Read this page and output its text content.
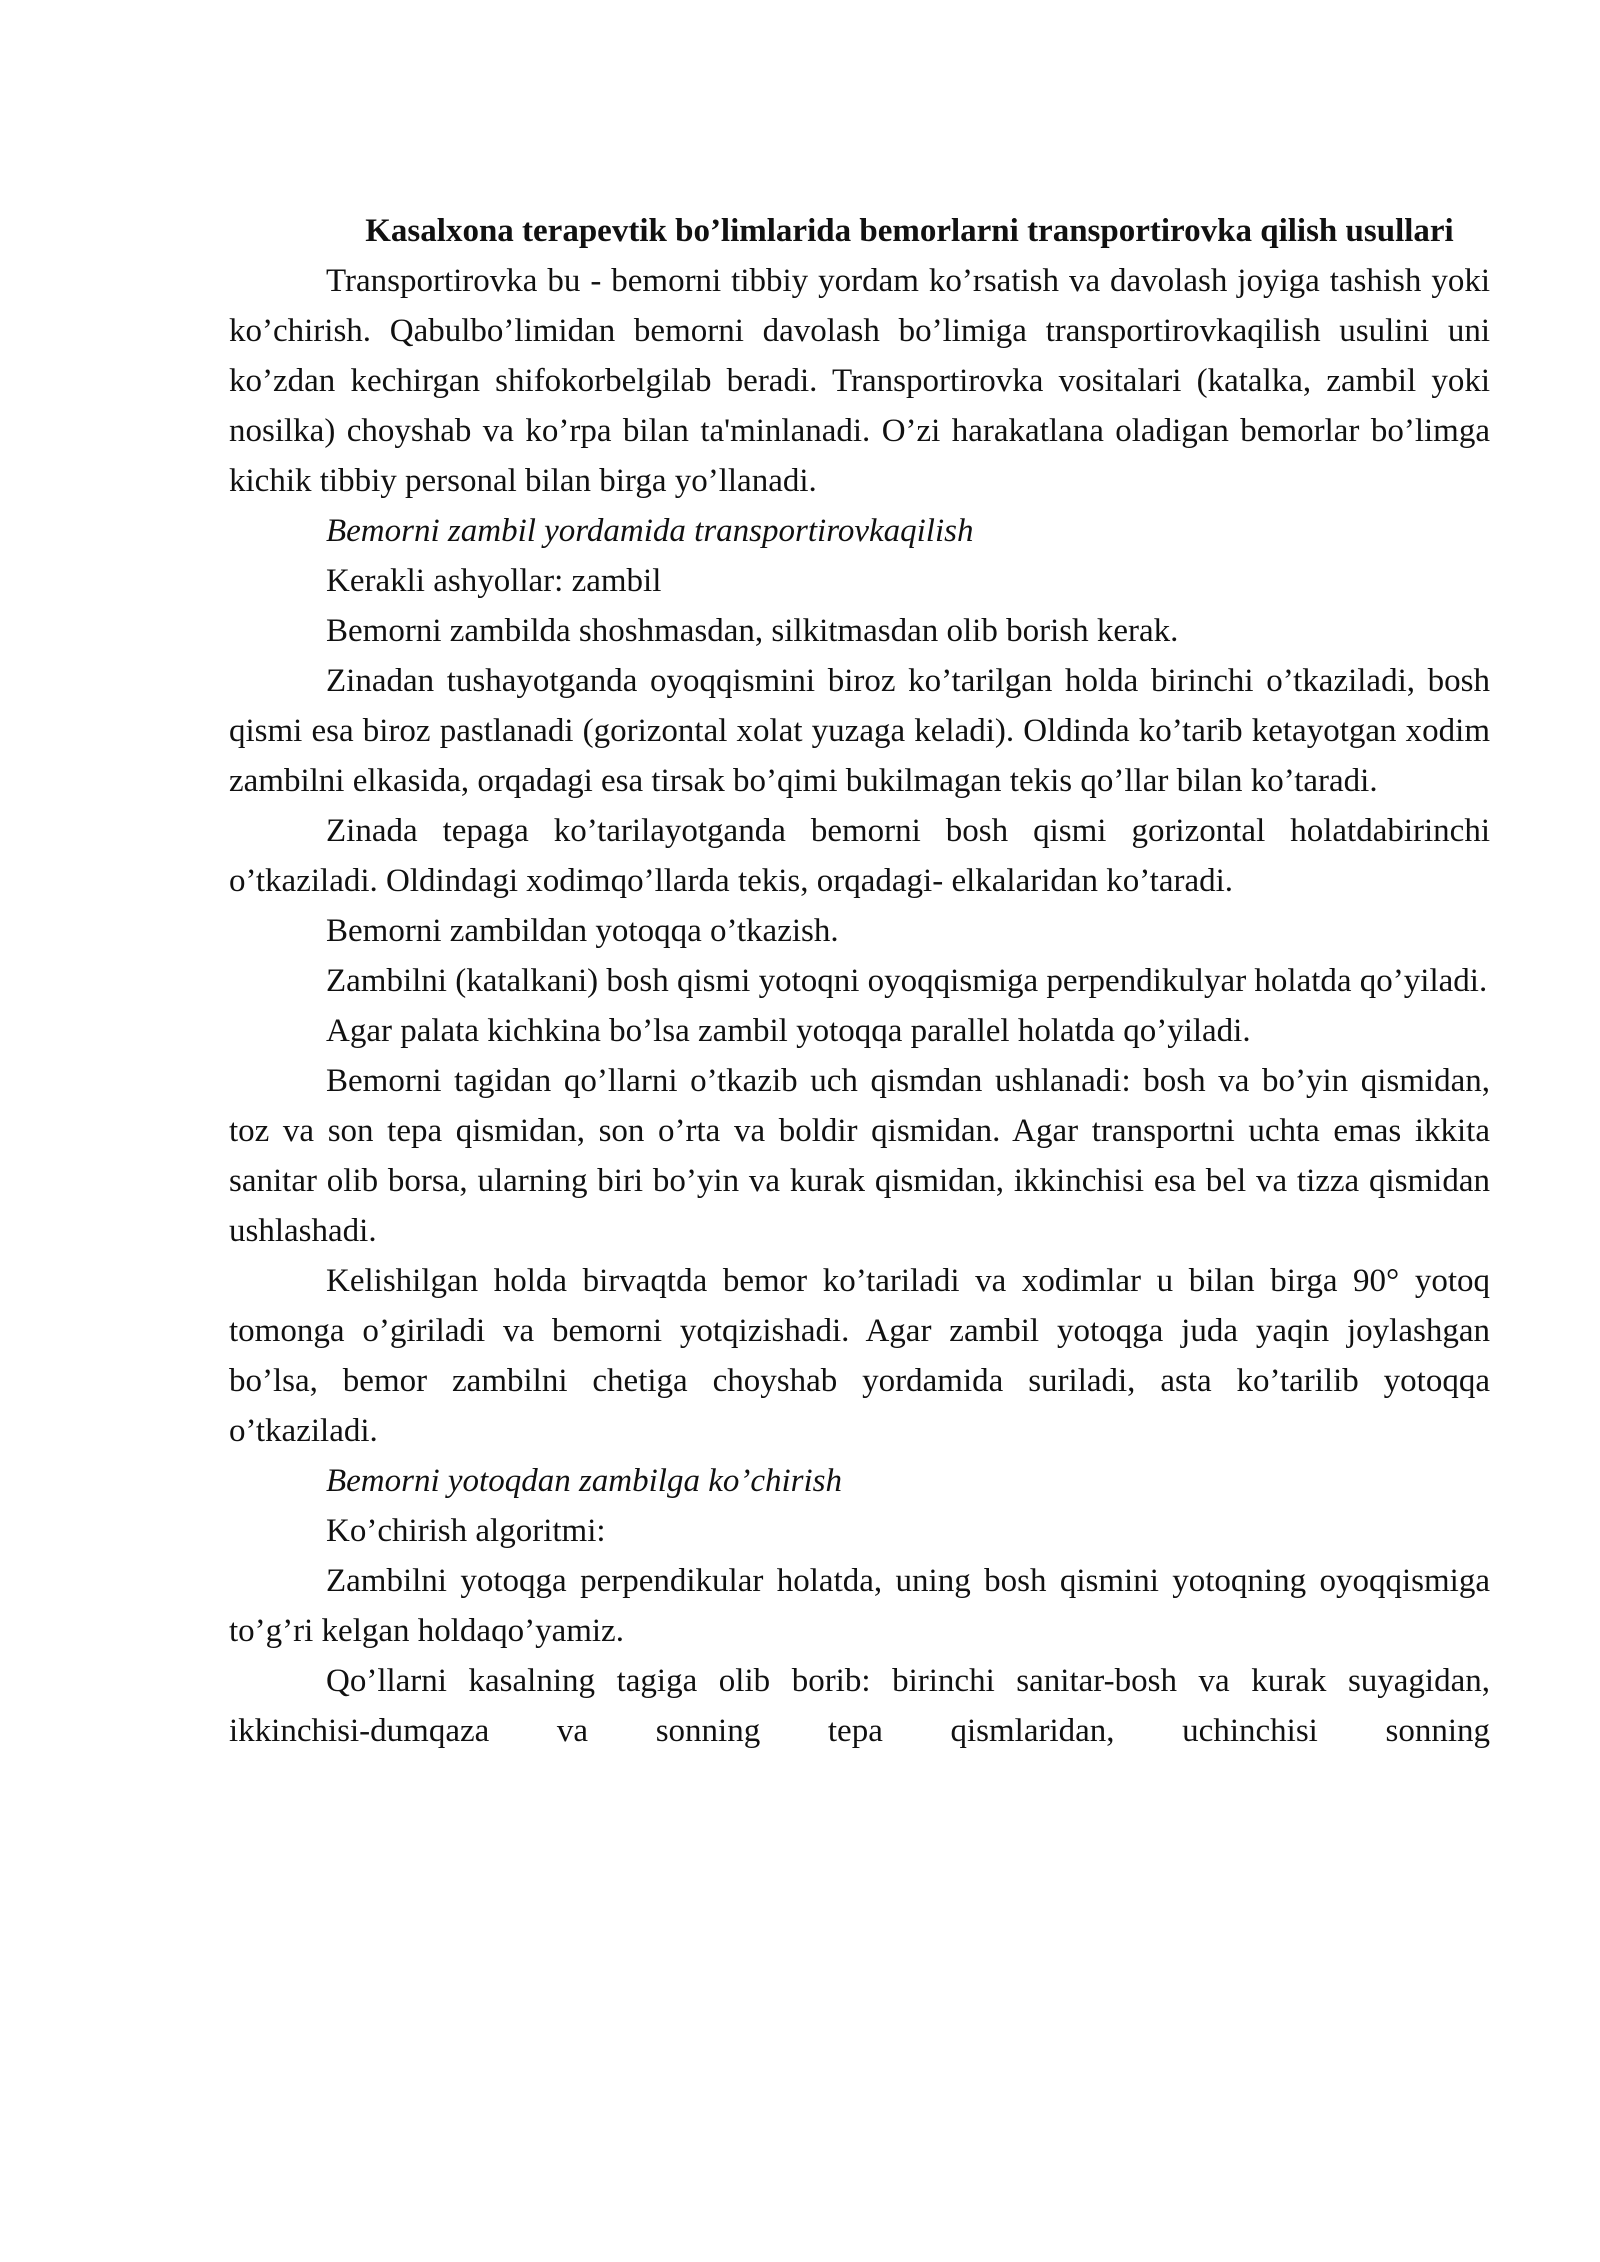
Kasalxona terapevtik bo’limlarida bemorlarni transportirovka qilish usullari

Transportirovka bu - bemorni tibbiy yordam ko’rsatish va davolash joyiga tashish yoki ko’chirish. Qabulbo’limidan bemorni davolash bo’limiga transportirovkaqilish usulini uni ko’zdan kechirgan shifokorbelgilab beradi. Transportirovka vositalari (katalka, zambil yoki nosilka) choyshab va ko’rpa bilan ta'minlanadi. O’zi harakatlana oladigan bemorlar bo’limga kichik tibbiy personal bilan birga yo’llanadi.

Bemorni zambil yordamida transportirovkaqilish

Kerakli ashyollar: zambil

Bemorni zambilda shoshmasdan, silkitmasdan olib borish kerak.

Zinadan tushayotganda oyoqqismini biroz ko’tarilgan holda birinchi o’tkaziladi, bosh qismi esa biroz pastlanadi (gorizontal xolat yuzaga keladi). Oldinda ko’tarib ketayotgan xodim zambilni elkasida, orqadagi esa tirsak bo’qimi bukilmagan tekis qo’llar bilan ko’taradi.

Zinada tepaga ko’tarilayotganda bemorni bosh qismi gorizontal holatdabirinchi o’tkaziladi. Oldindagi xodimqo’llarda tekis, orqadagi- elkalaridan ko’taradi.

Bemorni zambildan yotoqqa o’tkazish.

Zambilni (katalkani) bosh qismi yotoqni oyoqqismiga perpendikulyar holatda qo’yiladi.

Agar palata kichkina bo’lsa zambil yotoqqa parallel holatda qo’yiladi.

Bemorni tagidan qo’llarni o’tkazib uch qismdan ushlanadi: bosh va bo’yin qismidan, toz va son tepa qismidan, son o’rta va boldir qismidan. Agar transportni uchta emas ikkita sanitar olib borsa, ularning biri bo’yin va kurak qismidan, ikkinchisi esa bel va tizza qismidan ushlashadi.

Kelishilgan holda birvaqtda bemor ko’tariladi va xodimlar u bilan birga 90° yotoq tomonga o’giriladi va bemorni yotqizishadi. Agar zambil yotoqga juda yaqin joylashgan bo’lsa, bemor zambilni chetiga choyshab yordamida suriladi, asta ko’tarilib yotoqqa o’tkaziladi.

Bemorni yotoqdan zambilga ko’chirish

Ko’chirish algoritmi:

Zambilni yotoqga perpendikular holatda, uning bosh qismini yotoqning oyoqqismiga to’g’ri kelgan holdaqo’yamiz.

Qo’llarni kasalning tagiga olib borib: birinchi sanitar-bosh va kurak suyagidan, ikkinchisi-dumqaza va sonning tepa qismlaridan, uchinchisi sonning
